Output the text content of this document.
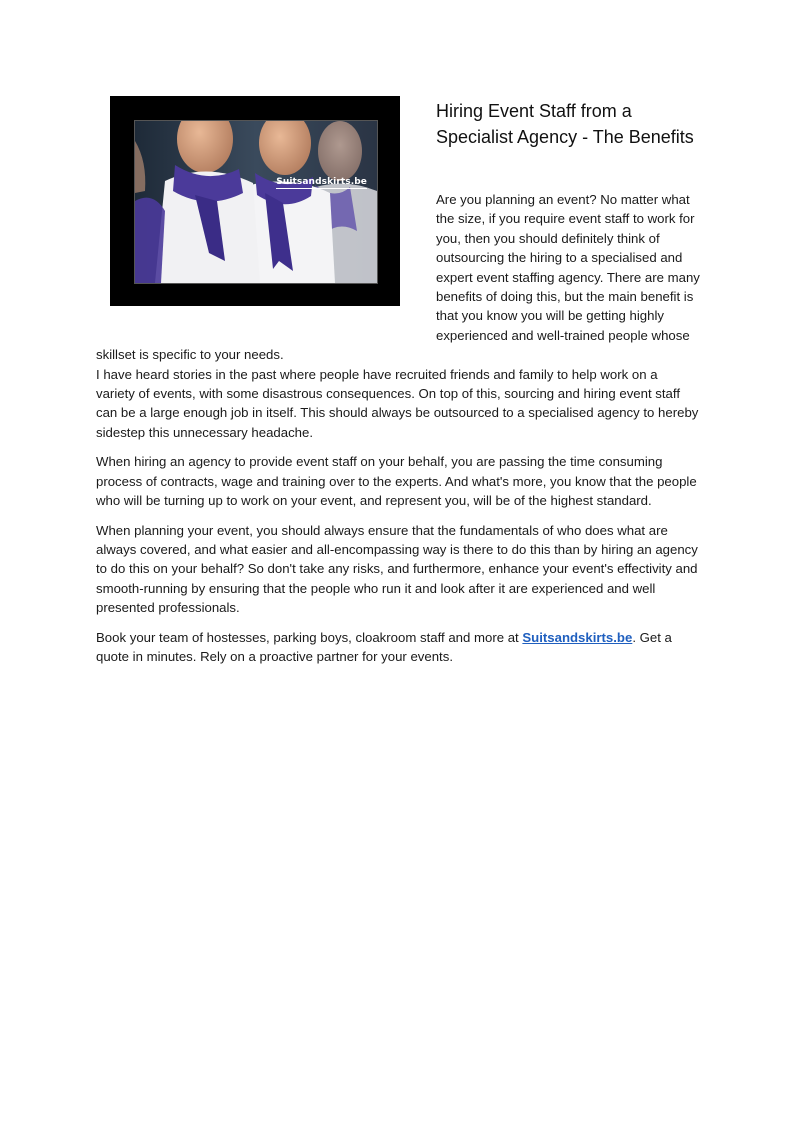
Suitsandskirts.be
Hiring Event Staff from a Specialist Agency - The Benefits

Are you planning an event? No matter what the size, if you require event staff to work for you, then you should definitely think of outsourcing the hiring to a specialised and expert event staffing agency. There are many benefits of doing this, but the main benefit is that you know you will be getting highly experienced and well-trained people whose skillset is specific to your needs.

I have heard stories in the past where people have recruited friends and family to help work on a variety of events, with some disastrous consequences. On top of this, sourcing and hiring event staff can be a large enough job in itself. This should always be outsourced to a specialised agency to hereby sidestep this unnecessary headache.

When hiring an agency to provide event staff on your behalf, you are passing the time consuming process of contracts, wage and training over to the experts. And what's more, you know that the people who will be turning up to work on your event, and represent you, will be of the highest standard.

When planning your event, you should always ensure that the fundamentals of who does what are always covered, and what easier and all-encompassing way is there to do this than by hiring an agency to do this on your behalf? So don't take any risks, and furthermore, enhance your event's effectivity and smooth-running by ensuring that the people who run it and look after it are experienced and well presented professionals.

Book your team of hostesses, parking boys, cloakroom staff and more at Suitsandskirts.be. Get a quote in minutes. Rely on a proactive partner for your events.
